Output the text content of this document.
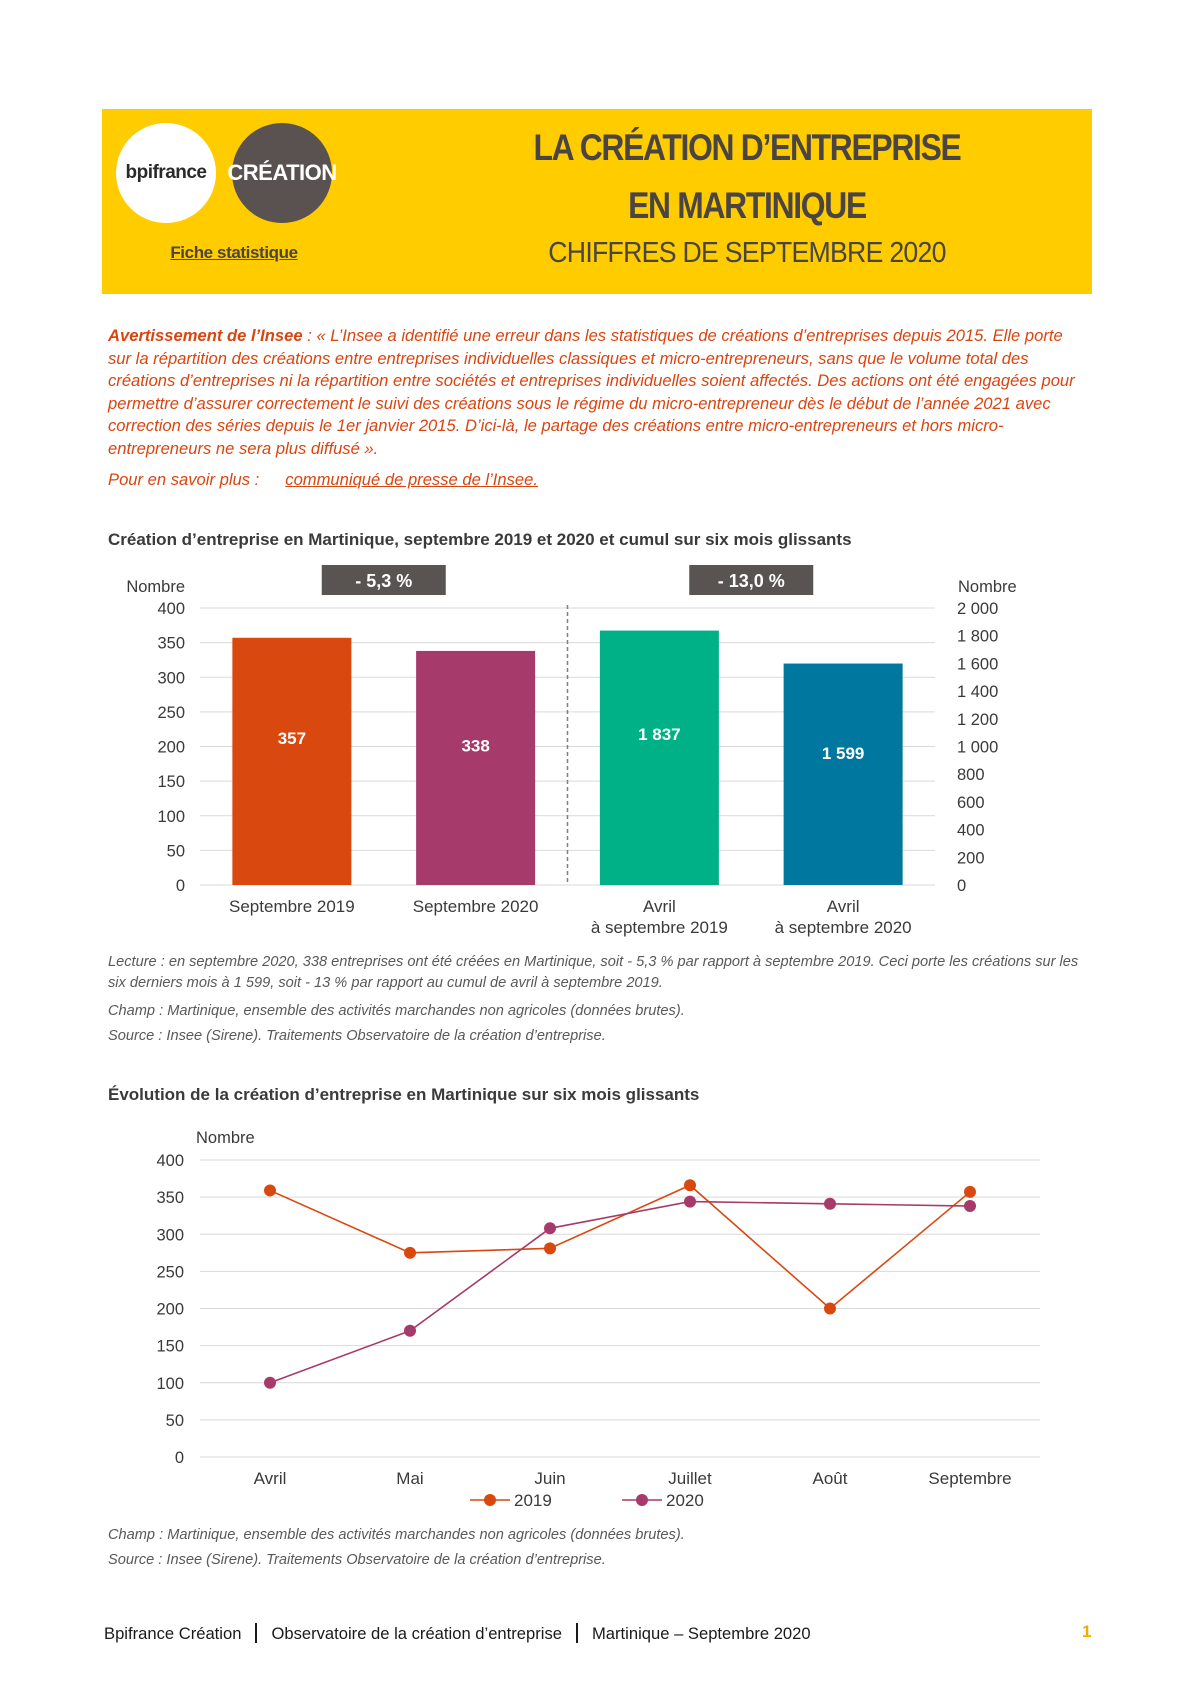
bpifrance CRÉATION
Fiche statistique
LA CRÉATION D’ENTREPRISE
EN MARTINIQUE
CHIFFRES DE SEPTEMBRE 2020
Avertissement de l’Insee : « L’Insee a identifié une erreur dans les statistiques de créations d’entreprises depuis 2015. Elle porte sur la répartition des créations entre entreprises individuelles classiques et micro-entrepreneurs, sans que le volume total des créations d’entreprises ni la répartition entre sociétés et entreprises individuelles soient affectés. Des actions ont été engagées pour permettre d’assurer correctement le suivi des créations sous le régime du micro-entrepreneur dès le début de l’année 2021 avec correction des séries depuis le 1er janvier 2015. D’ici-là, le partage des créations entre micro-entrepreneurs et hors micro-entrepreneurs ne sera plus diffusé ».
Pour en savoir plus : communiqué de presse de l’Insee.
Création d’entreprise en Martinique, septembre 2019 et 2020 et cumul sur six mois glissants
0
50
100
150
200
250
300
350
400
0
200
400
600
800
1 000
1 200
1 400
1 600
1 800
2 000
Nombre	Nombre
357
Septembre 2019
338
Septembre 2020
1 837
Avril
à septembre 2019
1 599
Avril
à septembre 2020
- 5,3 %	- 13,0 %
Lecture : en septembre 2020, 338 entreprises ont été créées en Martinique, soit - 5,3 % par rapport à septembre 2019. Ceci porte les créations sur les six derniers mois à 1 599, soit - 13 % par rapport au cumul de avril à septembre 2019.
Champ : Martinique, ensemble des activités marchandes non agricoles (données brutes).
Source : Insee (Sirene). Traitements Observatoire de la création d’entreprise.
Évolution de la création d’entreprise en Martinique sur six mois glissants
0
50
100
150
200
250
300
350
400
Nombre
Avril	Mai	Juin	Juillet	Août	Septembre
2019	2020
Champ : Martinique, ensemble des activités marchandes non agricoles (données brutes).
Source : Insee (Sirene). Traitements Observatoire de la création d’entreprise.
Bpifrance Création Observatoire de la création d’entreprise Martinique – Septembre 2020	1
